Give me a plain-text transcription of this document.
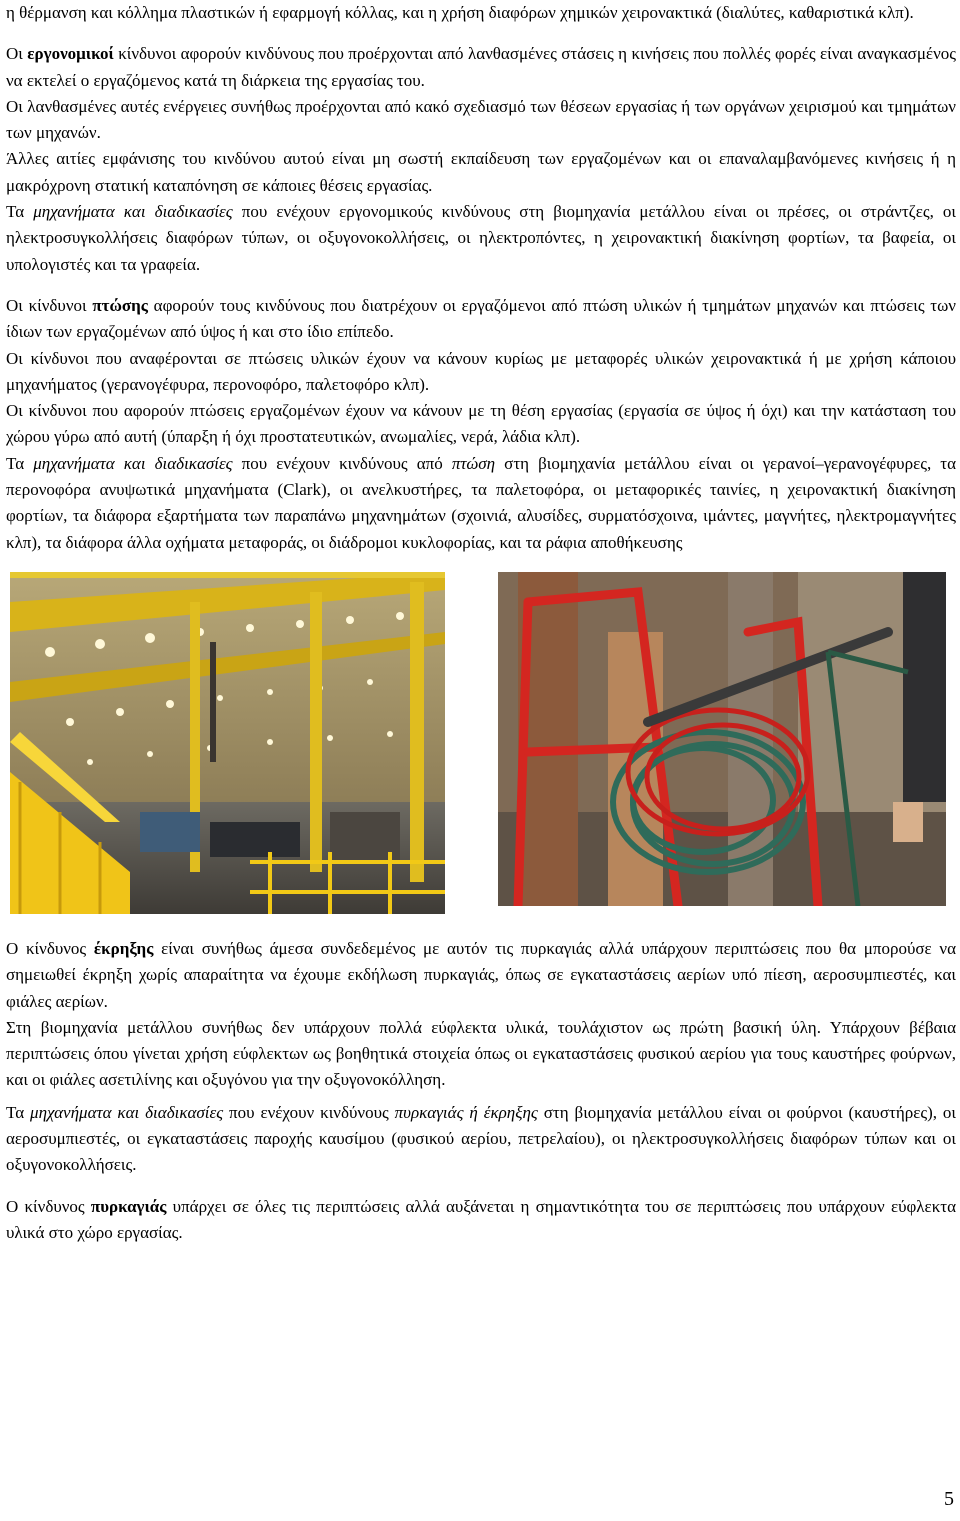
η θέρμανση και κόλλημα πλαστικών ή εφαρμογή κόλλας, και η χρήση διαφόρων χημικών χειρονακτικά (διαλύτες, καθαριστικά κλπ).

Οι εργονομικοί κίνδυνοι αφορούν κινδύνους που προέρχονται από λανθασμένες στάσεις η κινήσεις που πολλές φορές είναι αναγκασμένος να εκτελεί ο εργαζόμενος κατά τη διάρκεια της εργασίας του.

Οι λανθασμένες αυτές ενέργειες συνήθως προέρχονται από κακό σχεδιασμό των θέσεων εργασίας ή των οργάνων χειρισμού και τμημάτων των μηχανών.

Άλλες αιτίες εμφάνισης του κινδύνου αυτού είναι μη σωστή εκπαίδευση των εργαζομένων και οι επαναλαμβανόμενες κινήσεις ή η μακρόχρονη στατική καταπόνηση σε κάποιες θέσεις εργασίας.

Τα μηχανήματα και διαδικασίες που ενέχουν εργονομικούς κινδύνους στη βιομηχανία μετάλλου είναι οι πρέσες, οι στράντζες, οι ηλεκτροσυγκολλήσεις διαφόρων τύπων, οι οξυγονοκολλήσεις, οι ηλεκτροπόντες, η χειρονακτική διακίνηση φορτίων, τα βαφεία, οι υπολογιστές και τα γραφεία.

Οι κίνδυνοι πτώσης αφορούν τους κινδύνους που διατρέχουν οι εργαζόμενοι από πτώση υλικών ή τμημάτων μηχανών και πτώσεις των ίδιων των εργαζομένων από ύψος ή και στο ίδιο επίπεδο.

Οι κίνδυνοι που αναφέρονται σε πτώσεις υλικών έχουν να κάνουν κυρίως με μεταφορές υλικών χειρονακτικά ή με χρήση κάποιου μηχανήματος (γερανογέφυρα, περονοφόρο, παλετοφόρο κλπ).

Οι κίνδυνοι που αφορούν πτώσεις εργαζομένων έχουν να κάνουν με τη θέση εργασίας (εργασία σε ύψος ή όχι) και την κατάσταση του χώρου γύρω από αυτή (ύπαρξη ή όχι προστατευτικών, ανωμαλίες, νερά, λάδια κλπ).

Τα μηχανήματα και διαδικασίες που ενέχουν κινδύνους από πτώση στη βιομηχανία μετάλλου είναι οι γερανοί–γερανογέφυρες, τα περονοφόρα ανυψωτικά μηχανήματα (Clark), οι ανελκυστήρες, τα παλετοφόρα, οι μεταφορικές ταινίες, η χειρονακτική διακίνηση φορτίων, τα διάφορα εξαρτήματα των παραπάνω μηχανημάτων (σχοινιά, αλυσίδες, συρματόσχοινα, ιμάντες, μαγνήτες, ηλεκτρομαγνήτες κλπ), τα διάφορα άλλα οχήματα μεταφοράς, οι διάδρομοι κυκλοφορίας, και τα ράφια αποθήκευσης

Ο κίνδυνος έκρηξης είναι συνήθως άμεσα συνδεδεμένος με αυτόν τις πυρκαγιάς αλλά υπάρχουν περιπτώσεις που θα μπορούσε να σημειωθεί έκρηξη χωρίς απαραίτητα να έχουμε εκδήλωση πυρκαγιάς, όπως σε εγκαταστάσεις αερίων υπό πίεση, αεροσυμπιεστές, και φιάλες αερίων.

Στη βιομηχανία μετάλλου συνήθως δεν υπάρχουν πολλά εύφλεκτα υλικά, τουλάχιστον ως πρώτη βασική ύλη. Υπάρχουν βέβαια περιπτώσεις όπου γίνεται χρήση εύφλεκτων ως βοηθητικά στοιχεία όπως οι εγκαταστάσεις φυσικού αερίου για τους καυστήρες φούρνων, και οι φιάλες ασετιλίνης και οξυγόνου για την οξυγονοκόλληση.

Τα μηχανήματα και διαδικασίες που ενέχουν κινδύνους πυρκαγιάς ή έκρηξης στη βιομηχανία μετάλλου είναι οι φούρνοι (καυστήρες), οι αεροσυμπιεστές, οι εγκαταστάσεις παροχής καυσίμου (φυσικού αερίου, πετρελαίου), οι ηλεκτροσυγκολλήσεις διαφόρων τύπων και οι οξυγονοκολλήσεις.

Ο κίνδυνος πυρκαγιάς υπάρχει σε όλες τις περιπτώσεις αλλά αυξάνεται η σημαντικότητα του σε περιπτώσεις που υπάρχουν εύφλεκτα υλικά στο χώρο εργασίας.

5
